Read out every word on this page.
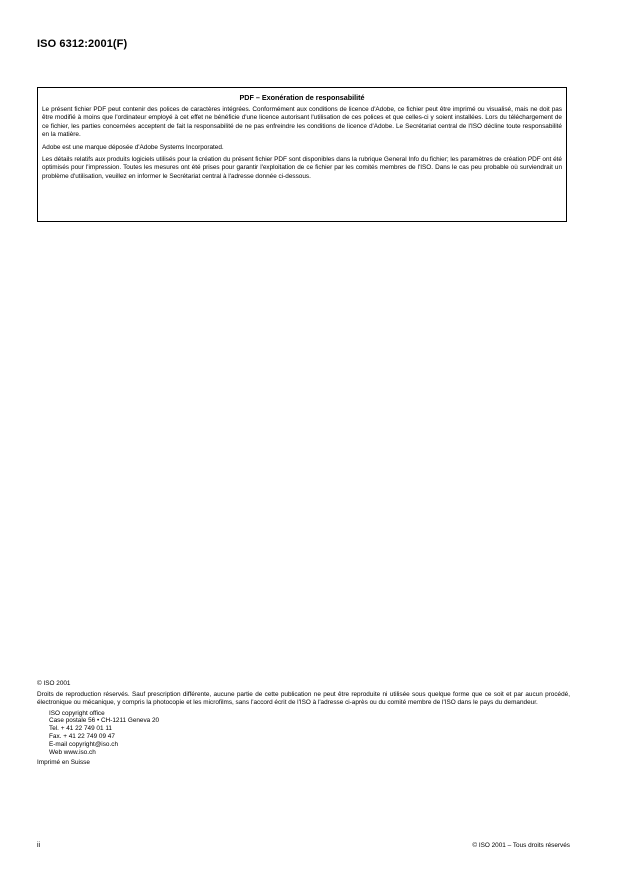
ISO 6312:2001(F)
PDF – Exonération de responsabilité

Le présent fichier PDF peut contenir des polices de caractères intégrées. Conformément aux conditions de licence d'Adobe, ce fichier peut être imprimé ou visualisé, mais ne doit pas être modifié à moins que l'ordinateur employé à cet effet ne bénéficie d'une licence autorisant l'utilisation de ces polices et que celles-ci y soient installées. Lors du téléchargement de ce fichier, les parties concernées acceptent de fait la responsabilité de ne pas enfreindre les conditions de licence d'Adobe. Le Secrétariat central de l'ISO décline toute responsabilité en la matière.

Adobe est une marque déposée d'Adobe Systems Incorporated.

Les détails relatifs aux produits logiciels utilisés pour la création du présent fichier PDF sont disponibles dans la rubrique General Info du fichier; les paramètres de création PDF ont été optimisés pour l'impression. Toutes les mesures ont été prises pour garantir l'exploitation de ce fichier par les comités membres de l'ISO. Dans le cas peu probable où surviendrait un problème d'utilisation, veuillez en informer le Secrétariat central à l'adresse donnée ci-dessous.

© ISO 2001
Droits de reproduction réservés. Sauf prescription différente, aucune partie de cette publication ne peut être reproduite ni utilisée sous quelque forme que ce soit et par aucun procédé, électronique ou mécanique, y compris la photocopie et les microfilms, sans l'accord écrit de l'ISO à l'adresse ci-après ou du comité membre de l'ISO dans le pays du demandeur.
ISO copyright office
Case postale 56 • CH-1211 Geneva 20
Tel. + 41 22 749 01 11
Fax. + 41 22 749 09 47
E-mail copyright@iso.ch
Web www.iso.ch
Imprimé en Suisse
ii	© ISO 2001 – Tous droits réservés
